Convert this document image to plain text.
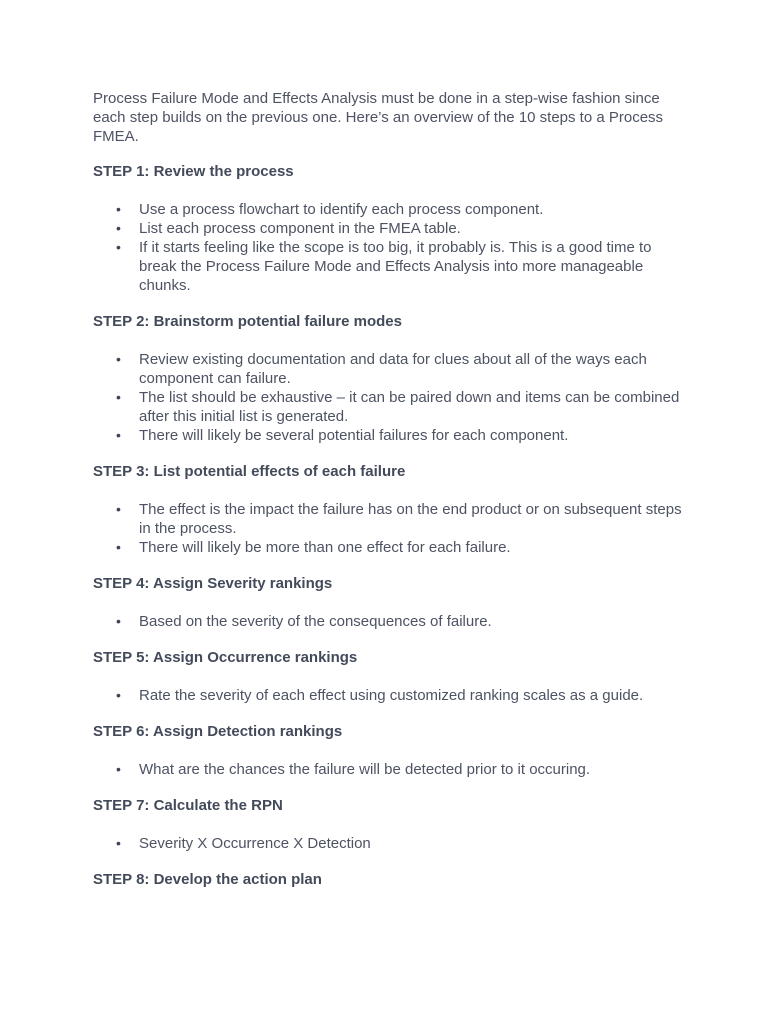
Process Failure Mode and Effects Analysis must be done in a step-wise fashion since each step builds on the previous one. Here’s an overview of the 10 steps to a Process FMEA.

STEP 1: Review the process
• Use a process flowchart to identify each process component.
• List each process component in the FMEA table.
• If it starts feeling like the scope is too big, it probably is. This is a good time to break the Process Failure Mode and Effects Analysis into more manageable chunks.
STEP 2: Brainstorm potential failure modes
• Review existing documentation and data for clues about all of the ways each component can failure.
• The list should be exhaustive – it can be paired down and items can be combined after this initial list is generated.
• There will likely be several potential failures for each component.
STEP 3: List potential effects of each failure
• The effect is the impact the failure has on the end product or on subsequent steps in the process.
• There will likely be more than one effect for each failure.
STEP 4: Assign Severity rankings
• Based on the severity of the consequences of failure.
STEP 5: Assign Occurrence rankings
• Rate the severity of each effect using customized ranking scales as a guide.
STEP 6: Assign Detection rankings
• What are the chances the failure will be detected prior to it occuring.
STEP 7: Calculate the RPN
• Severity X Occurrence X Detection
STEP 8: Develop the action plan
